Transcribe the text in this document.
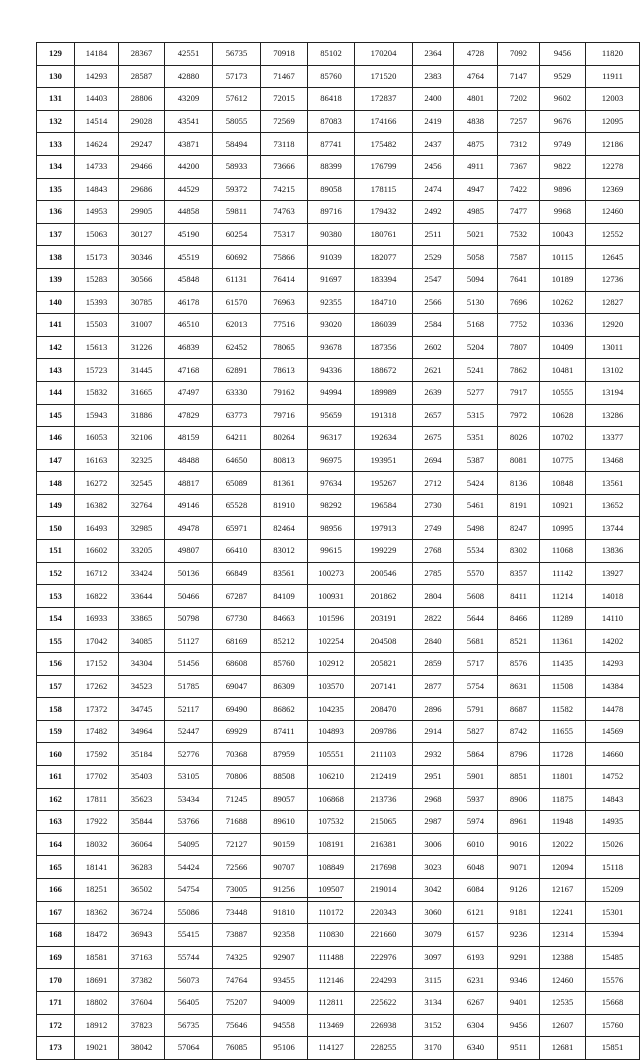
129	14184	28367	42551	56735	70918	85102	170204	2364	4728	7092	9456	11820
130	14293	28587	42880	57173	71467	85760	171520	2383	4764	7147	9529	11911
131	14403	28806	43209	57612	72015	86418	172837	2400	4801	7202	9602	12003
132	14514	29028	43541	58055	72569	87083	174166	2419	4838	7257	9676	12095
133	14624	29247	43871	58494	73118	87741	175482	2437	4875	7312	9749	12186
134	14733	29466	44200	58933	73666	88399	176799	2456	4911	7367	9822	12278
135	14843	29686	44529	59372	74215	89058	178115	2474	4947	7422	9896	12369
136	14953	29905	44858	59811	74763	89716	179432	2492	4985	7477	9968	12460
137	15063	30127	45190	60254	75317	90380	180761	2511	5021	7532	10043	12552
138	15173	30346	45519	60692	75866	91039	182077	2529	5058	7587	10115	12645
139	15283	30566	45848	61131	76414	91697	183394	2547	5094	7641	10189	12736
140	15393	30785	46178	61570	76963	92355	184710	2566	5130	7696	10262	12827
141	15503	31007	46510	62013	77516	93020	186039	2584	5168	7752	10336	12920
142	15613	31226	46839	62452	78065	93678	187356	2602	5204	7807	10409	13011
143	15723	31445	47168	62891	78613	94336	188672	2621	5241	7862	10481	13102
144	15832	31665	47497	63330	79162	94994	189989	2639	5277	7917	10555	13194
145	15943	31886	47829	63773	79716	95659	191318	2657	5315	7972	10628	13286
146	16053	32106	48159	64211	80264	96317	192634	2675	5351	8026	10702	13377
147	16163	32325	48488	64650	80813	96975	193951	2694	5387	8081	10775	13468
148	16272	32545	48817	65089	81361	97634	195267	2712	5424	8136	10848	13561
149	16382	32764	49146	65528	81910	98292	196584	2730	5461	8191	10921	13652
150	16493	32985	49478	65971	82464	98956	197913	2749	5498	8247	10995	13744
151	16602	33205	49807	66410	83012	99615	199229	2768	5534	8302	11068	13836
152	16712	33424	50136	66849	83561	100273	200546	2785	5570	8357	11142	13927
153	16822	33644	50466	67287	84109	100931	201862	2804	5608	8411	11214	14018
154	16933	33865	50798	67730	84663	101596	203191	2822	5644	8466	11289	14110
155	17042	34085	51127	68169	85212	102254	204508	2840	5681	8521	11361	14202
156	17152	34304	51456	68608	85760	102912	205821	2859	5717	8576	11435	14293
157	17262	34523	51785	69047	86309	103570	207141	2877	5754	8631	11508	14384
158	17372	34745	52117	69490	86862	104235	208470	2896	5791	8687	11582	14478
159	17482	34964	52447	69929	87411	104893	209786	2914	5827	8742	11655	14569
160	17592	35184	52776	70368	87959	105551	211103	2932	5864	8796	11728	14660
161	17702	35403	53105	70806	88508	106210	212419	2951	5901	8851	11801	14752
162	17811	35623	53434	71245	89057	106868	213736	2968	5937	8906	11875	14843
163	17922	35844	53766	71688	89610	107532	215065	2987	5974	8961	11948	14935
164	18032	36064	54095	72127	90159	108191	216381	3006	6010	9016	12022	15026
165	18141	36283	54424	72566	90707	108849	217698	3023	6048	9071	12094	15118
166	18251	36502	54754	73005	91256	109507	219014	3042	6084	9126	12167	15209
167	18362	36724	55086	73448	91810	110172	220343	3060	6121	9181	12241	15301
168	18472	36943	55415	73887	92358	110830	221660	3079	6157	9236	12314	15394
169	18581	37163	55744	74325	92907	111488	222976	3097	6193	9291	12388	15485
170	18691	37382	56073	74764	93455	112146	224293	3115	6231	9346	12460	15576
171	18802	37604	56405	75207	94009	112811	225622	3134	6267	9401	12535	15668
172	18912	37823	56735	75646	94558	113469	226938	3152	6304	9456	12607	15760
173	19021	38042	57064	76085	95106	114127	228255	3170	6340	9511	12681	15851
